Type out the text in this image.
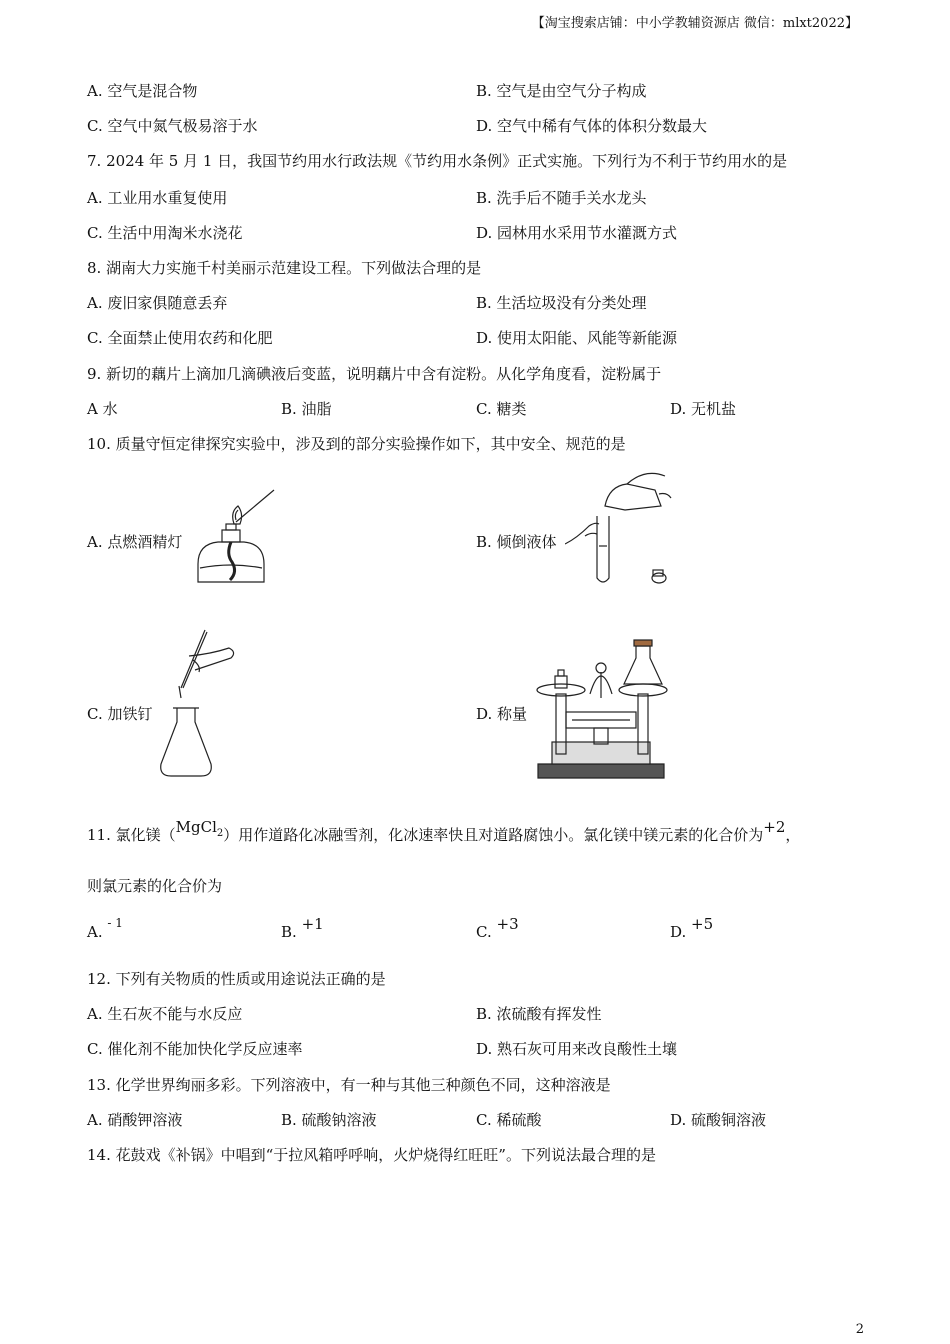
【淘宝搜索店铺：中小学教辅资源店 微信：mlxt2022】
A. 空气是混合物	B. 空气是由空气分子构成
C. 空气中氮气极易溶于水	D. 空气中稀有气体的体积分数最大
7. 2024 年 5 月 1 日，我国节约用水行政法规《节约用水条例》正式实施。下列行为不利于节约用水的是
A. 工业用水重复使用	B. 洗手后不随手关水龙头
C. 生活中用淘米水浇花	D. 园林用水采用节水灌溉方式
8. 湖南大力实施千村美丽示范建设工程。下列做法合理的是
A. 废旧家俱随意丢弃	B. 生活垃圾没有分类处理
C. 全面禁止使用农药和化肥	D. 使用太阳能、风能等新能源
9. 新切的藕片上滴加几滴碘液后变蓝，说明藕片中含有淀粉。从化学角度看，淀粉属于
A 水	B. 油脂	C. 糖类	D. 无机盐
10. 质量守恒定律探究实验中，涉及到的部分实验操作如下，其中安全、规范的是
A. 点燃酒精灯	B. 倾倒液体
C. 加铁钉	D. 称量
11. 氯化镁（MgCl$_2$）用作道路化冰融雪剂，化冰速率快且对道路腐蚀小。氯化镁中镁元素的化合价为+2，
则氯元素的化合价为
A. $^{- 1}$	B. +1	C. +3	D. +5
12. 下列有关物质的性质或用途说法正确的是
A. 生石灰不能与水反应	B. 浓硫酸有挥发性
C. 催化剂不能加快化学反应速率	D. 熟石灰可用来改良酸性土壤
13. 化学世界绚丽多彩。下列溶液中，有一种与其他三种颜色不同，这种溶液是
A. 硝酸钾溶液	B. 硫酸钠溶液	C. 稀硫酸	D. 硫酸铜溶液
14. 花鼓戏《补锅》中唱到“于拉风箱呼呼响，火炉烧得红旺旺”。下列说法最合理的是
2
